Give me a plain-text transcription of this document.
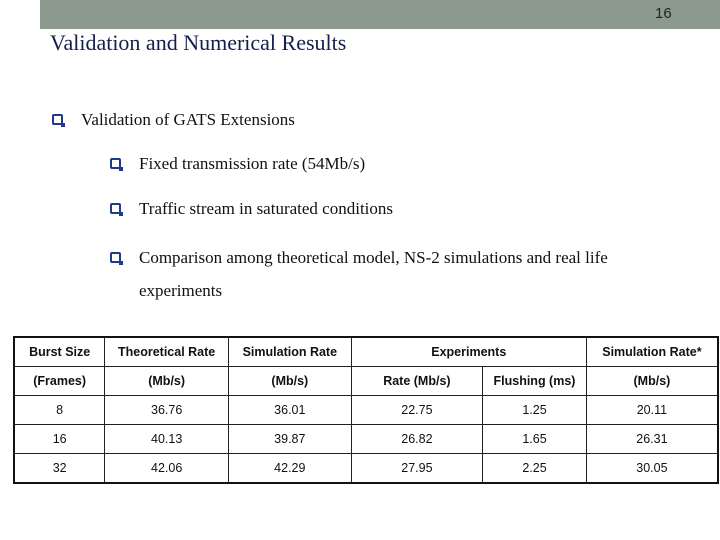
16
Validation and Numerical Results
Validation of GATS Extensions
Fixed transmission rate (54Mb/s)
Traffic stream in saturated conditions
Comparison among theoretical model, NS-2 simulations and real life experiments
Burst Size	Theoretical Rate	Simulation Rate	Experiments		Simulation Rate*
(Frames)	(Mb/s)	(Mb/s)	Rate (Mb/s)	Flushing (ms)	(Mb/s)
8	36.76	36.01	22.75	1.25	20.11
16	40.13	39.87	26.82	1.65	26.31
32	42.06	42.29	27.95	2.25	30.05
